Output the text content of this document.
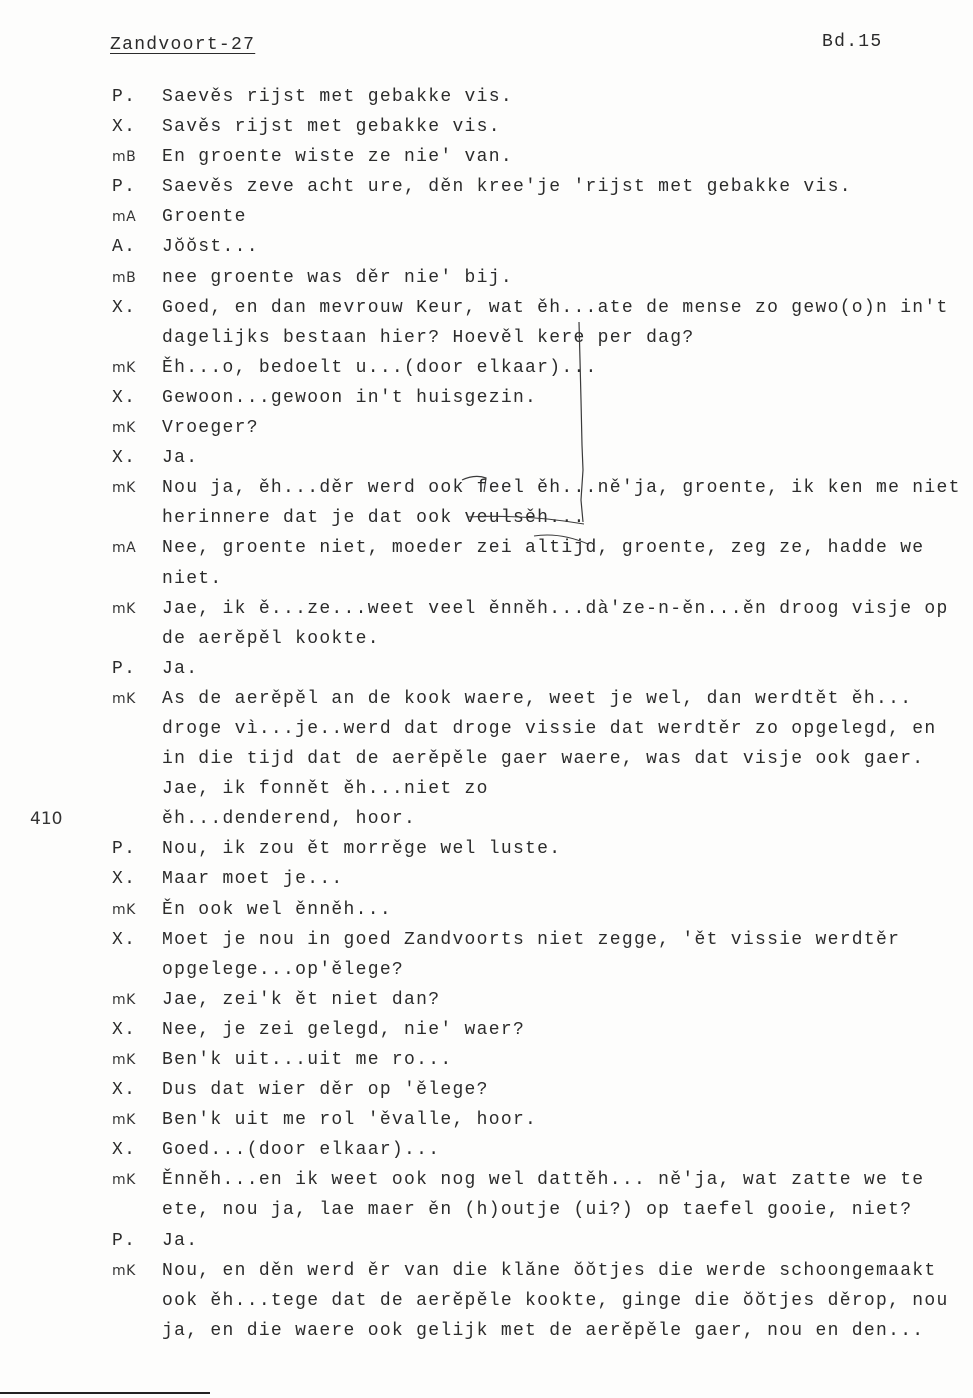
Zandvoort-27	Bd.15
P. Saevěs rijst met gebakke vis.
X. Savěs rijst met gebakke vis.
mB En groente wiste ze nie' van.
P. Saevěs zeve acht ure, děn kree'je 'rijst met gebakke vis.
mA Groente
A. Jŏŏst...
mB nee groente was děr nie' bij.
X. Goed, en dan mevrouw Keur, wat ěh...ate de mense zo gewo(o)n in't
dagelijks bestaan hier? Hoevěl kere per dag?
mK Ěh...o, bedoelt u...(door elkaar)...
X. Gewoon...gewoon in't huisgezin.
mK Vroeger?
X. Ja.
mK Nou ja, ěh...děr werd ook feel ěh...ně'ja, groente, ik ken me niet
herinnere dat je dat ook veulsěh...
mA Nee, groente niet, moeder zei altijd, groente, zeg ze, hadde we
niet.
mK Jae, ik ě...ze...weet veel ěnněh...dà'ze-n-ěn...ěn droog visje op
de aerěpěl kookte.
P. Ja.
mK As de aerěpěl an de kook waere, weet je wel, dan werdtět ěh...
droge vì...je..werd dat droge vissie dat werdtěr zo opgelegd, en
in die tijd dat de aerěpěle gaer waere, was dat visje ook gaer.
Jae, ik fonnět ěh...niet zo
410	ěh...denderend, hoor.
P. Nou, ik zou ět morrěge wel luste.
X. Maar moet je...
mK Ěn ook wel ěnněh...
X. Moet je nou in goed Zandvoorts niet zegge, 'ět vissie werdtěr
opgelege...op'ělege?
mK Jae, zei'k ět niet dan?
X. Nee, je zei gelegd, nie' waer?
mK Ben'k uit...uit me ro...
X. Dus dat wier děr op 'ělege?
mK Ben'k uit me rol 'ěvalle, hoor.
X. Goed...(door elkaar)...
mK Ěnněh...en ik weet ook nog wel dattěh... ně'ja, wat zatte we te
ete, nou ja, lae maer ěn (h)outje (ui?) op taefel gooie, niet?
P. Ja.
mK Nou, en děn werd ěr van die klǎne ŏŏtjes die werde schoongemaakt
ook ěh...tege dat de aerěpěle kookte, ginge die ŏŏtjes děrop, nou
ja, en die waere ook gelijk met de aerěpěle gaer, nou en den...
